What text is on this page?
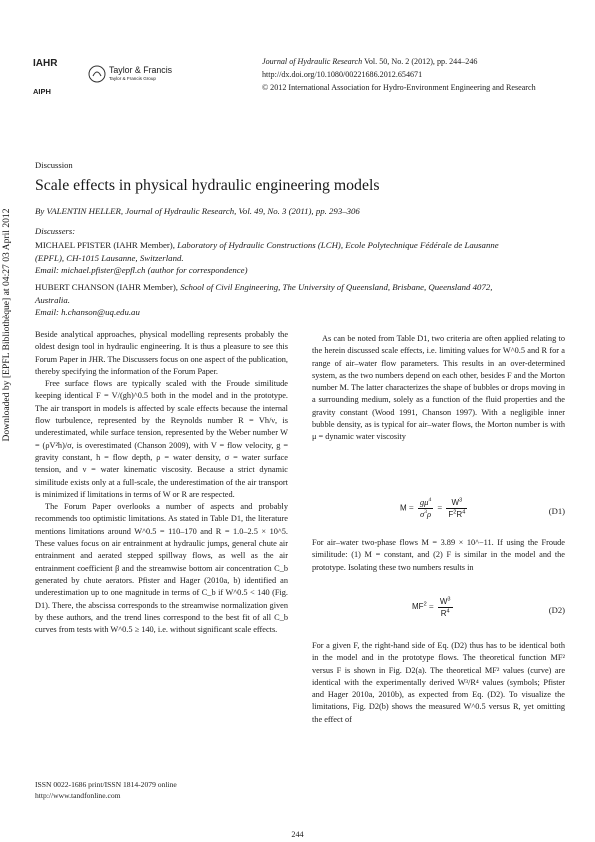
Downloaded by [EPFL Bibliothèque] at 04:27 03 April 2012
IAHR
AIPH
Taylor & Francis
Taylor & Francis Group
Journal of Hydraulic Research Vol. 50, No. 2 (2012), pp. 244–246
http://dx.doi.org/10.1080/00221686.2012.654671
© 2012 International Association for Hydro-Environment Engineering and Research
Discussion
Scale effects in physical hydraulic engineering models
By VALENTIN HELLER, Journal of Hydraulic Research, Vol. 49, No. 3 (2011), pp. 293–306
Discussers:
MICHAEL PFISTER (IAHR Member), Laboratory of Hydraulic Constructions (LCH), Ecole Polytechnique Fédérale de Lausanne
(EPFL), CH-1015 Lausanne, Switzerland.
Email: michael.pfister@epfl.ch (author for correspondence)
HUBERT CHANSON (IAHR Member), School of Civil Engineering, The University of Queensland, Brisbane, Queensland 4072,
Australia.
Email: h.chanson@uq.edu.au

Beside analytical approaches, physical modelling represents probably the oldest design tool in hydraulic engineering. It is thus a pleasure to see this Forum Paper in JHR. The Discussers focus on one aspect of the publication, thereby specifying the information of the Forum Paper.

Free surface flows are typically scaled with the Froude similitude keeping identical F = V/(gh)^0.5 both in the model and in the prototype. The air transport in models is affected by scale effects because the internal flow turbulence, represented by the Reynolds number R = Vh/ν, is underestimated, while surface tension, represented by the Weber number W = (ρV²h)/σ, is overestimated (Chanson 2009), with V = flow velocity, g = gravity constant, h = flow depth, ρ = water density, σ = water surface tension, and ν = water kinematic viscosity. Because a strict dynamic similitude exists only at a full-scale, the underestimation of the air transport is minimized if limitations in terms of W or R are respected.

The Forum Paper overlooks a number of aspects and probably recommends too optimistic limitations. As stated in Table D1, the literature mentions limitations around W^0.5 = 110–170 and R = 1.0–2.5 × 10^5. These values focus on air entrainment at hydraulic jumps, general chute air entrainment and aerated stepped spillway flows, as well as the air entrainment coefficient β and the streamwise bottom air concentration C_b generated by chute aerators. Pfister and Hager (2010a, b) identified an underestimation up to one magnitude in terms of C_b if W^0.5 < 140 (Fig. D1). There, the abscissa corresponds to the streamwise normalization given by these authors, and the trend lines correspond to the best fit of all C_b curves from tests with W^0.5 ≥ 140, i.e. without significant scale effects.

As can be noted from Table D1, two criteria are often applied relating to the herein discussed scale effects, i.e. limiting values for W^0.5 and R for a range of air–water flow parameters. This results in an over-determined system, as the two numbers depend on each other, besides F and the Morton number M. The latter characterizes the shape of bubbles or drops moving in a surrounding medium, solely as a function of the fluid properties and the gravity constant (Wood 1991, Chanson 1997). With a negligible inner bubble density, as is typical for air–water flows, the Morton number is with μ = dynamic water viscosity

$M = \frac{g\mu^4}{\sigma^3\rho} = \frac{W^3}{F^2R^4}$	(D1)

For air–water two-phase flows M = 3.89 × 10^−11. If using the Froude similitude: (1) M = constant, and (2) F is similar in the model and the prototype. Isolating these two numbers results in

$MF^2 = \frac{W^3}{R^4}$	(D2)

For a given F, the right-hand side of Eq. (D2) thus has to be identical both in the model and in the prototype flows. The theoretical function MF² versus F is shown in Fig. D2(a). The theoretical MF² values (curve) are identical with the experimentally derived W³/R⁴ values (symbols; Pfister and Hager 2010a, 2010b), as expected from Eq. (D2). To visualize the limitations, Fig. D2(b) shows the measured W^0.5 versus R, yet omitting the effect of

ISSN 0022-1686 print/ISSN 1814-2079 online
http://www.tandfonline.com
244
